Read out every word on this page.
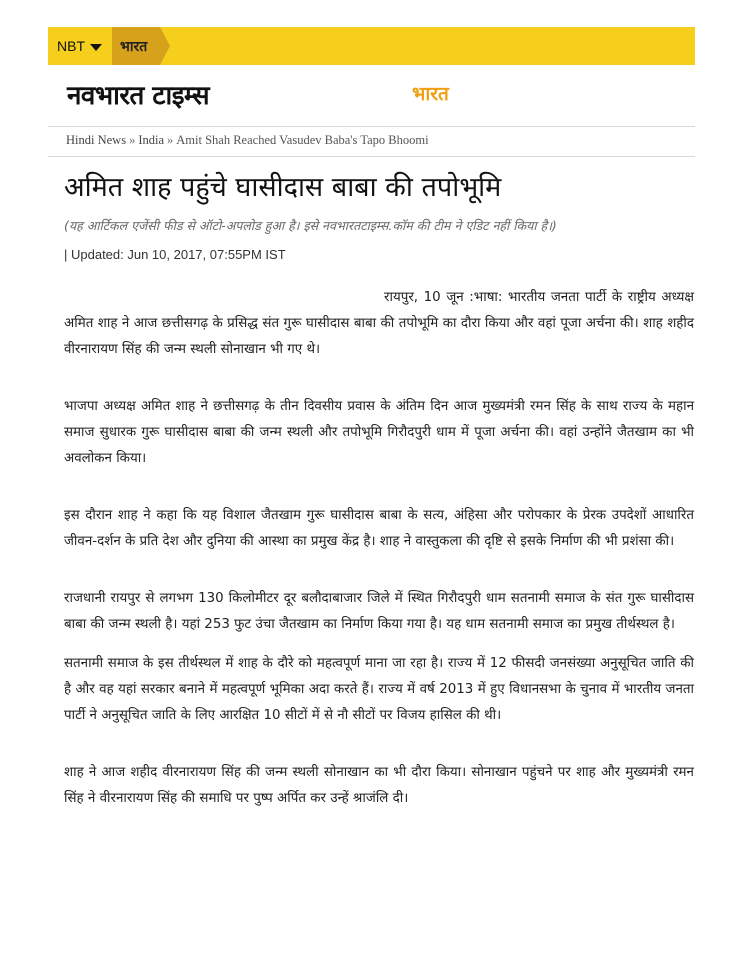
NBT	भारत
नवभारत टाइम्स	भारत
Hindi News » India » Amit Shah Reached Vasudev Baba's Tapo Bhoomi
अमित शाह पहुंचे घासीदास बाबा की तपोभूमि
(यह आर्टिकल एजेंसी फीड से ऑटो-अपलोड हुआ है। इसे नवभारतटाइम्स.कॉम की टीम ने एडिट नहीं किया है।)
| Updated: Jun 10, 2017, 07:55PM IST

रायपुर, 10 जून :भाषा: भारतीय जनता पार्टी के राष्ट्रीय अध्यक्ष अमित शाह ने आज छत्तीसगढ़ के प्रसिद्ध संत गुरू घासीदास बाबा की तपोभूमि का दौरा किया और वहां पूजा अर्चना की। शाह शहीद वीरनारायण सिंह की जन्म स्थली सोनाखान भी गए थे।

भाजपा अध्यक्ष अमित शाह ने छत्तीसगढ़ के तीन दिवसीय प्रवास के अंतिम दिन आज मुख्यमंत्री रमन सिंह के साथ राज्य के महान समाज सुधारक गुरू घासीदास बाबा की जन्म स्थली और तपोभूमि गिरौदपुरी धाम में पूजा अर्चना की। वहां उन्होंने जैतखाम का भी अवलोकन किया।

इस दौरान शाह ने कहा कि यह विशाल जैतखाम गुरू घासीदास बाबा के सत्य, अंहिसा और परोपकार के प्रेरक उपदेशों आधारित जीवन-दर्शन के प्रति देश और दुनिया की आस्था का प्रमुख केंद्र है। शाह ने वास्तुकला की दृष्टि से इसके निर्माण की भी प्रशंसा की।

राजधानी रायपुर से लगभग 130 किलोमीटर दूर बलौदाबाजार जिले में स्थित गिरौदपुरी धाम सतनामी समाज के संत गुरू घासीदास बाबा की जन्म स्थली है। यहां 253 फुट उंचा जैतखाम का निर्माण किया गया है। यह धाम सतनामी समाज का प्रमुख तीर्थस्थल है।

सतनामी समाज के इस तीर्थस्थल में शाह के दौरे को महत्वपूर्ण माना जा रहा है। राज्य में 12 फीसदी जनसंख्या अनुसूचित जाति की है और वह यहां सरकार बनाने में महत्वपूर्ण भूमिका अदा करते हैं। राज्य में वर्ष 2013 में हुए विधानसभा के चुनाव में भारतीय जनता पार्टी ने अनुसूचित जाति के लिए आरक्षित 10 सीटों में से नौ सीटों पर विजय हासिल की थी।

शाह ने आज शहीद वीरनारायण सिंह की जन्म स्थली सोनाखान का भी दौरा किया। सोनाखान पहुंचने पर शाह और मुख्यमंत्री रमन सिंह ने वीरनारायण सिंह की समाधि पर पुष्प अर्पित कर उन्हें श्राजंलि दी।
